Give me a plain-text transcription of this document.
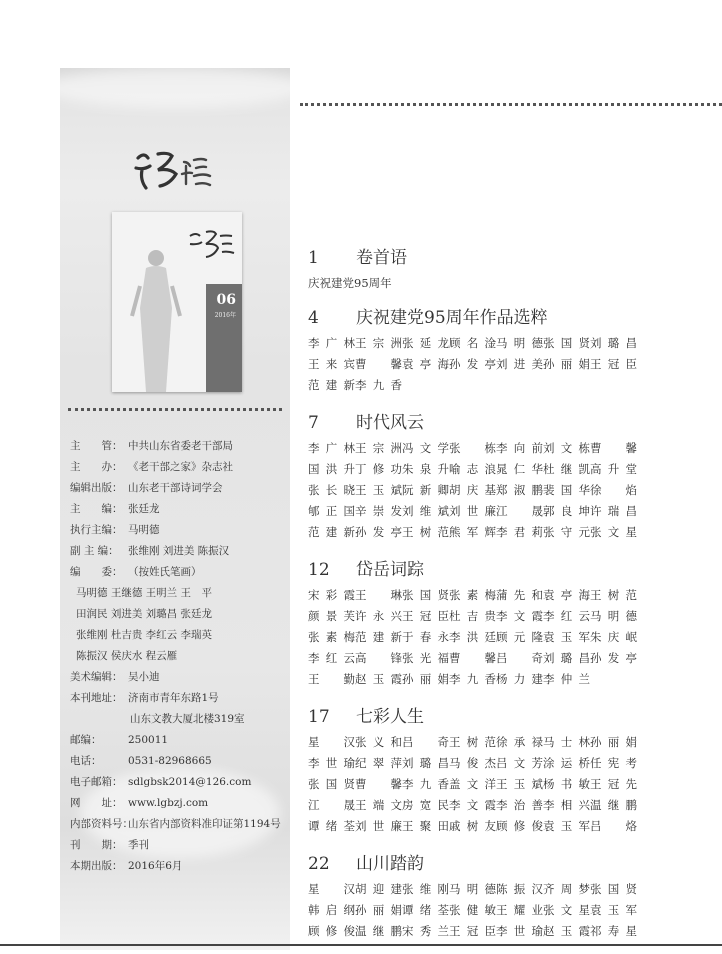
诗壇
06
2016年
主　　管： 中共山东省委老干部局
主　　办： 《老干部之家》杂志社
编辑出版： 山东老干部诗词学会
主　　编： 张廷龙
执行主编： 马明德
副 主 编： 张维刚 刘进美 陈振汉
编　　委： （按姓氏笔画）
马明德 王继德 王明兰 王　平
田润民 刘进美 刘璐昌 张廷龙
张维刚 杜吉贵 李红云 李瑞英
陈振汉 侯庆水 程云雁
美术编辑： 吴小迪
本刊地址： 济南市青年东路1号
山东文教大厦北楼319室
邮编：	250011
电话：	0531-82968665
电子邮箱： sdlgbsk2014@126.com
网　　址： www.lgbzj.com
内部资料号：山东省内部资料准印证第1194号
刊　　期： 季刊
本期出版： 2016年6月
1	卷首语
庆祝建党95周年
4	庆祝建党95周年作品选粹
李广林 王宗洲 张延龙 顾名淦 马明德 张国贤 刘璐昌
王来宾 曹　馨 袁亭海 孙发亭 刘进美 孙丽娟 王冠臣
范建新 李九香
7	时代风云
李广林 王宗洲 冯文学 张　栋 李向前 刘文栋 曹　馨
国洪升 丁修功 朱泉升 喻志浪 晁仁华 杜继凯 高升堂
张长晓 王玉斌 阮新卿 胡庆基 郑淑鹏 裴国华 徐　焰
郇正国 辛崇发 刘维斌 刘世廉 江　晟 郭良坤 许瑞昌
范建新 孙发亭 王树范 熊军辉 李君莉 张守元 张文星
12	岱岳词踪
宋彩霞 王　琳 张国贤 张素梅 蒲先和 袁亭海 王树范
颜景芙 许永兴 王冠臣 杜吉贵 李文霞 李红云 马明德
张素梅 范建新 于春永 李洪廷 顾元隆 袁玉军 朱庆岷
李红云 高　锋 张光福 曹　馨 吕　奇 刘璐昌 孙发亭
王　勤 赵玉霞 孙丽娟 李九香 杨力建 李仲兰
17	七彩人生
星　汉 张义和 吕　奇 王树范 徐承禄 马士林 孙丽娟
李世瑜 纪翠萍 刘璐昌 马俊杰 吕文芳 涂运桥 任宪考
张国贤 曹　馨 李九香 盖文洋 王玉斌 杨书敏 王冠先
江　晟 王端文 房宽民 李文霞 李治善 李相兴 温继鹏
谭绪荃 刘世廉 王聚田 戚树友 顾修俊 袁玉军 吕　烙
22	山川踏韵
星　汉 胡迎建 张维刚 马明德 陈振汉 齐周梦 张国贤
韩启纲 孙丽娟 谭绪荃 张健敏 王耀业 张文星 袁玉军
顾修俊 温继鹏 宋秀兰 王冠臣 李世瑜 赵玉霞 祁寿星
